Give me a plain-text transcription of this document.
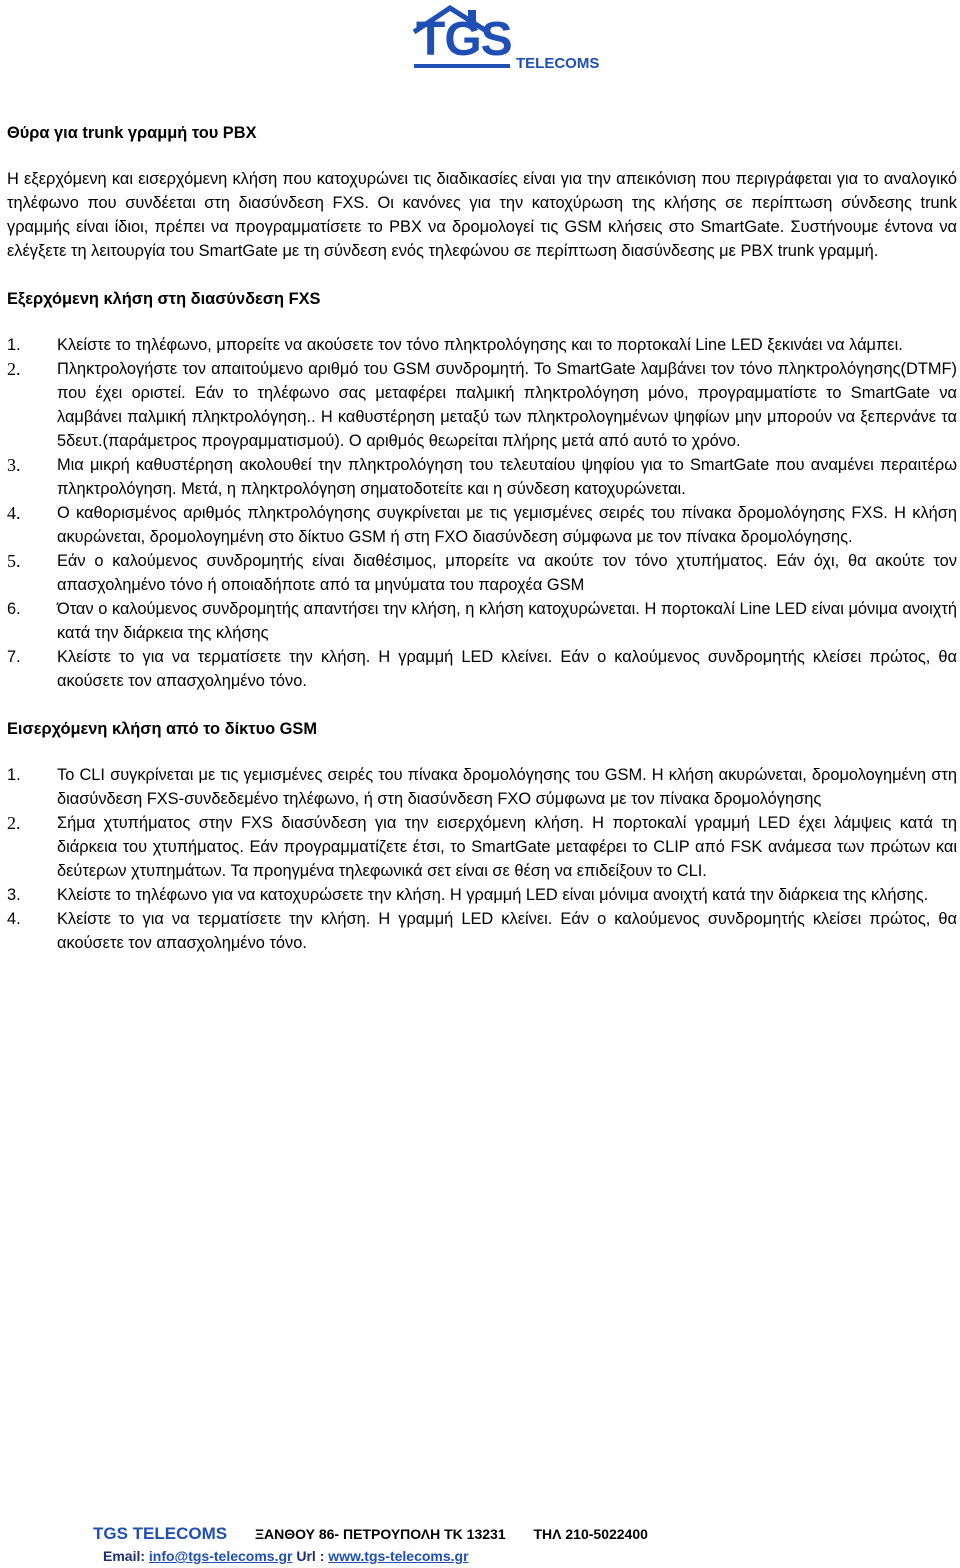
TGS TELECOMS
Θύρα για trunk γραμμή του PBX

Η εξερχόμενη και εισερχόμενη κλήση που κατοχυρώνει τις διαδικασίες είναι για την απεικόνιση που περιγράφεται για το αναλογικό τηλέφωνο που συνδέεται στη διασύνδεση FXS. Οι κανόνες για την κατοχύρωση της κλήσης σε περίπτωση σύνδεσης trunk γραμμής είναι ίδιοι, πρέπει να προγραμματίσετε το PBX να δρομολογεί τις GSM κλήσεις στο SmartGate. Συστήνουμε έντονα να ελέγξετε τη λειτουργία του SmartGate με τη σύνδεση ενός τηλεφώνου σε περίπτωση διασύνδεσης με PBX trunk γραμμή.

Εξερχόμενη κλήση στη διασύνδεση FXS
1. Κλείστε το τηλέφωνο, μπορείτε να ακούσετε τον τόνο πληκτρολόγησης και το πορτοκαλί Line LED ξεκινάει να λάμπει.
2. Πληκτρολογήστε τον απαιτούμενο αριθμό του GSM συνδρομητή. Το SmartGate λαμβάνει τον τόνο πληκτρολόγησης(DTMF) που έχει οριστεί. Εάν το τηλέφωνο σας μεταφέρει παλμική πληκτρολόγηση μόνο, προγραμματίστε το SmartGate να λαμβάνει παλμική πληκτρολόγηση.. Η καθυστέρηση μεταξύ των πληκτρολογημένων ψηφίων μην μπορούν να ξεπερνάνε τα 5δευτ.(παράμετρος προγραμματισμού). Ο αριθμός θεωρείται πλήρης μετά από αυτό το χρόνο.
3. Μια μικρή καθυστέρηση ακολουθεί την πληκτρολόγηση του τελευταίου ψηφίου για το SmartGate που αναμένει περαιτέρω πληκτρολόγηση. Μετά, η πληκτρολόγηση σηματοδοτείτε και η σύνδεση κατοχυρώνεται.
4. Ο καθορισμένος αριθμός πληκτρολόγησης συγκρίνεται με τις γεμισμένες σειρές του πίνακα δρομολόγησης FXS. Η κλήση ακυρώνεται, δρομολογημένη στο δίκτυο GSM ή στη FXO διασύνδεση σύμφωνα με τον πίνακα δρομολόγησης.
5. Εάν ο καλούμενος συνδρομητής είναι διαθέσιμος, μπορείτε να ακούτε τον τόνο χτυπήματος. Εάν όχι, θα ακούτε τον απασχολημένο τόνο ή οποιαδήποτε από τα μηνύματα του παροχέα GSM
6. Όταν ο καλούμενος συνδρομητής απαντήσει την κλήση, η κλήση κατοχυρώνεται. Η πορτοκαλί Line LED είναι μόνιμα ανοιχτή κατά την διάρκεια της κλήσης
7. Κλείστε το για να τερματίσετε την κλήση. Η γραμμή LED κλείνει. Εάν ο καλούμενος συνδρομητής κλείσει πρώτος, θα ακούσετε τον απασχολημένο τόνο.
Εισερχόμενη κλήση από το δίκτυο GSM
1. Το CLI συγκρίνεται με τις γεμισμένες σειρές του πίνακα δρομολόγησης του GSM. Η κλήση ακυρώνεται, δρομολογημένη στη διασύνδεση FXS-συνδεδεμένο τηλέφωνο, ή στη διασύνδεση FXO σύμφωνα με τον πίνακα δρομολόγησης
2. Σήμα χτυπήματος στην FXS διασύνδεση για την εισερχόμενη κλήση. Η πορτοκαλί γραμμή LED έχει λάμψεις κατά τη διάρκεια του χτυπήματος. Εάν προγραμματίζετε έτσι, το SmartGate μεταφέρει το CLIP από FSK ανάμεσα των πρώτων και δεύτερων χτυπημάτων. Τα προηγμένα τηλεφωνικά σετ είναι σε θέση να επιδείξουν το CLI.
3. Κλείστε το τηλέφωνο για να κατοχυρώσετε την κλήση. Η γραμμή LED είναι μόνιμα ανοιχτή κατά την διάρκεια της κλήσης.
4. Κλείστε το για να τερματίσετε την κλήση. Η γραμμή LED κλείνει. Εάν ο καλούμενος συνδρομητής κλείσει πρώτος, θα ακούσετε τον απασχολημένο τόνο.
TGS TELECOMS ΞΑΝΘΟΥ 86- ΠΕΤΡΟΥΠΟΛΗ ΤΚ 13231 ΤΗΛ 210-5022400
Email: info@tgs-telecoms.gr Url : www.tgs-telecoms.gr
